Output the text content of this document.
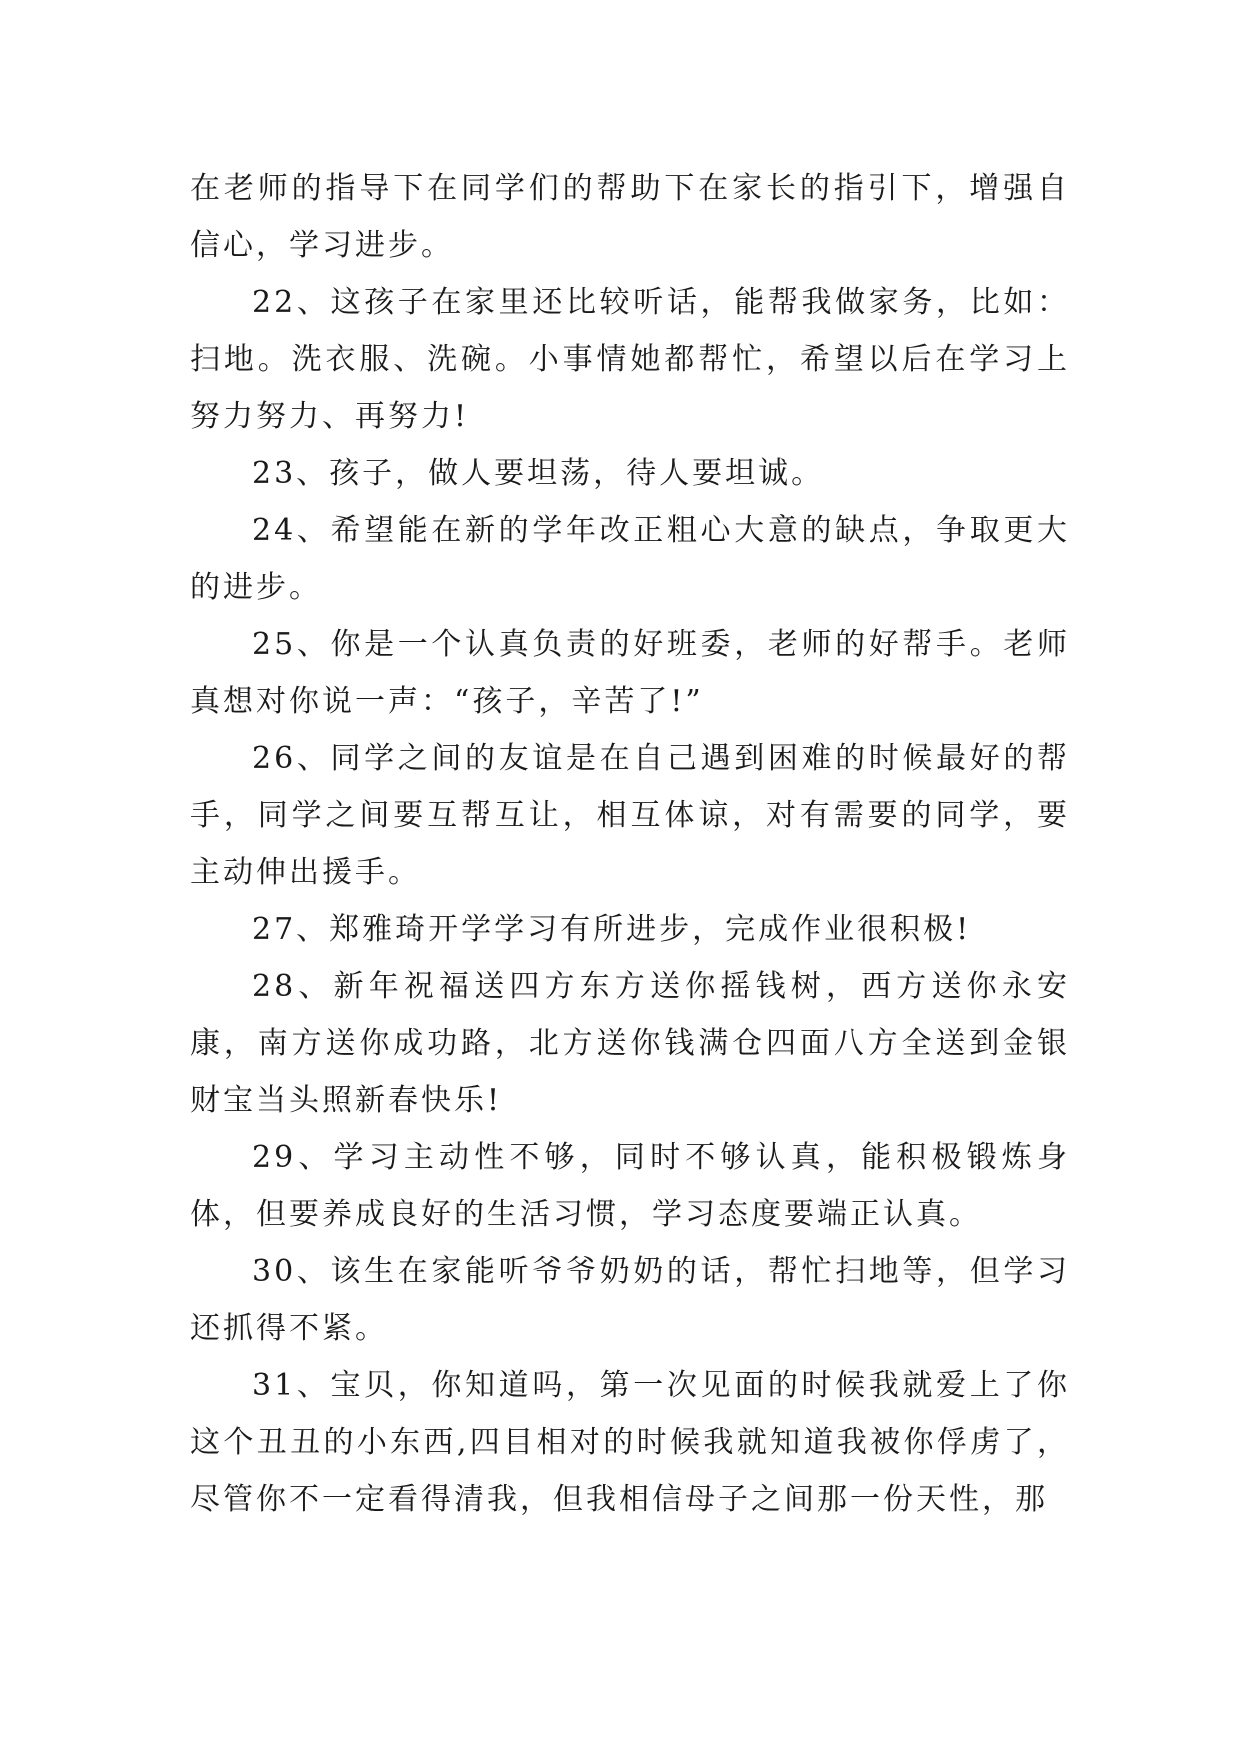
在老师的指导下在同学们的帮助下在家长的指引下，增强自信心，学习进步。

22、这孩子在家里还比较听话，能帮我做家务，比如：扫地。洗衣服、洗碗。小事情她都帮忙，希望以后在学习上努力努力、再努力!

23、孩子，做人要坦荡，待人要坦诚。

24、希望能在新的学年改正粗心大意的缺点，争取更大的进步。

25、你是一个认真负责的好班委，老师的好帮手。老师真想对你说一声：“孩子，辛苦了!”

26、同学之间的友谊是在自己遇到困难的时候最好的帮手，同学之间要互帮互让，相互体谅，对有需要的同学，要主动伸出援手。

27、郑雅琦开学学习有所进步，完成作业很积极!

28、新年祝福送四方东方送你摇钱树，西方送你永安康，南方送你成功路，北方送你钱满仓四面八方全送到金银财宝当头照新春快乐!

29、学习主动性不够，同时不够认真，能积极锻炼身体，但要养成良好的生活习惯，学习态度要端正认真。

30、该生在家能听爷爷奶奶的话，帮忙扫地等，但学习还抓得不紧。

31、宝贝，你知道吗，第一次见面的时候我就爱上了你这个丑丑的小东西,四目相对的时候我就知道我被你俘虏了，尽管你不一定看得清我，但我相信母子之间那一份天性，那
